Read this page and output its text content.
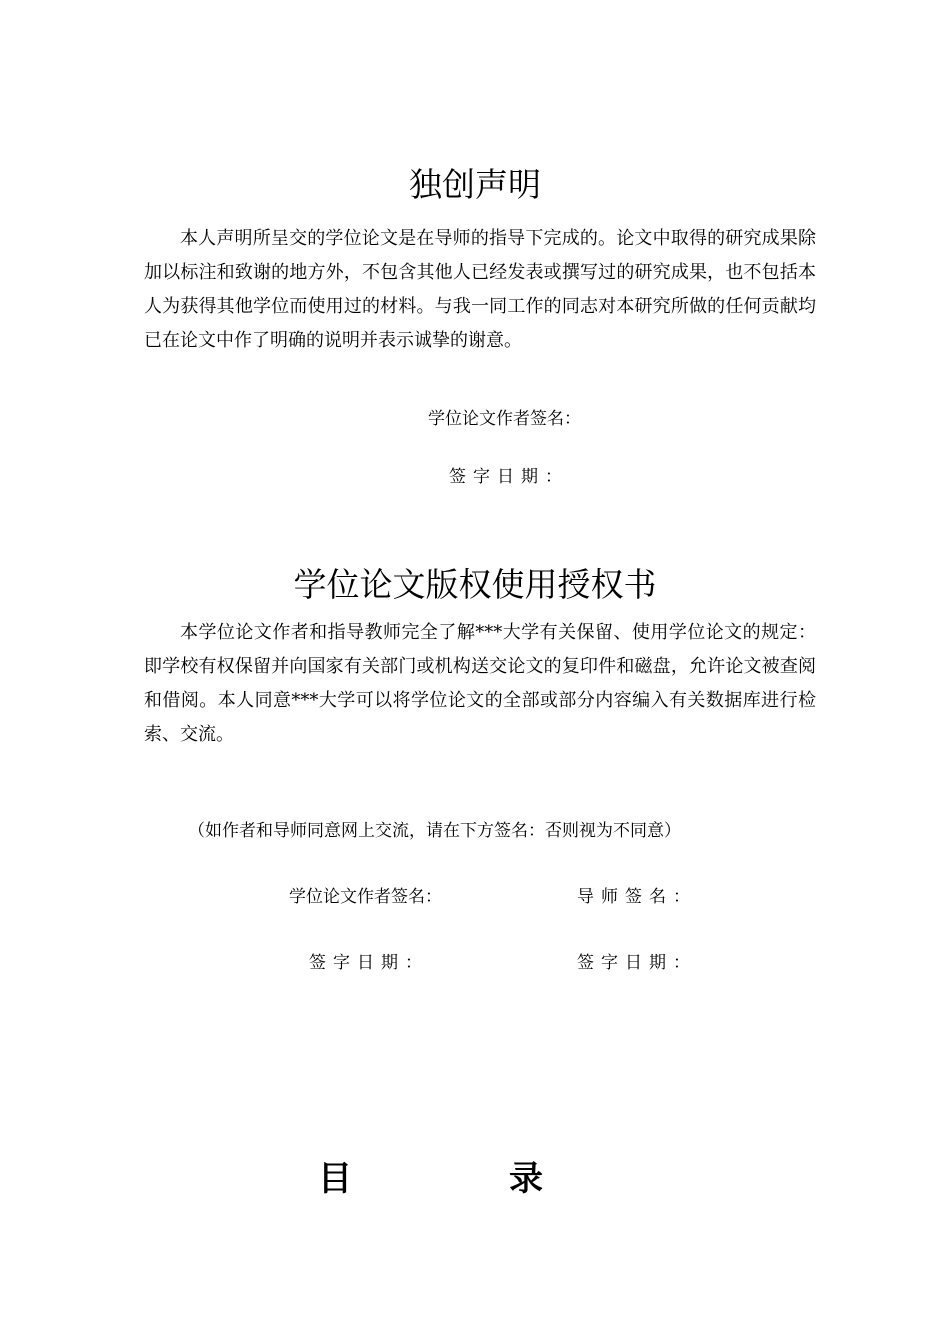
独创声明
本人声明所呈交的学位论文是在导师的指导下完成的。论文中取得的研究成果除加以标注和致谢的地方外，不包含其他人已经发表或撰写过的研究成果，也不包括本人为获得其他学位而使用过的材料。与我一同工作的同志对本研究所做的任何贡献均已在论文中作了明确的说明并表示诚挚的谢意。
学位论文作者签名：
签字日期：
学位论文版权使用授权书
本学位论文作者和指导教师完全了解***大学有关保留、使用学位论文的规定：即学校有权保留并向国家有关部门或机构送交论文的复印件和磁盘，允许论文被查阅和借阅。本人同意***大学可以将学位论文的全部或部分内容编入有关数据库进行检索、交流。
（如作者和导师同意网上交流，请在下方签名：否则视为不同意）
学位论文作者签名：	导师签名：
签字日期：	签字日期：
目	录
